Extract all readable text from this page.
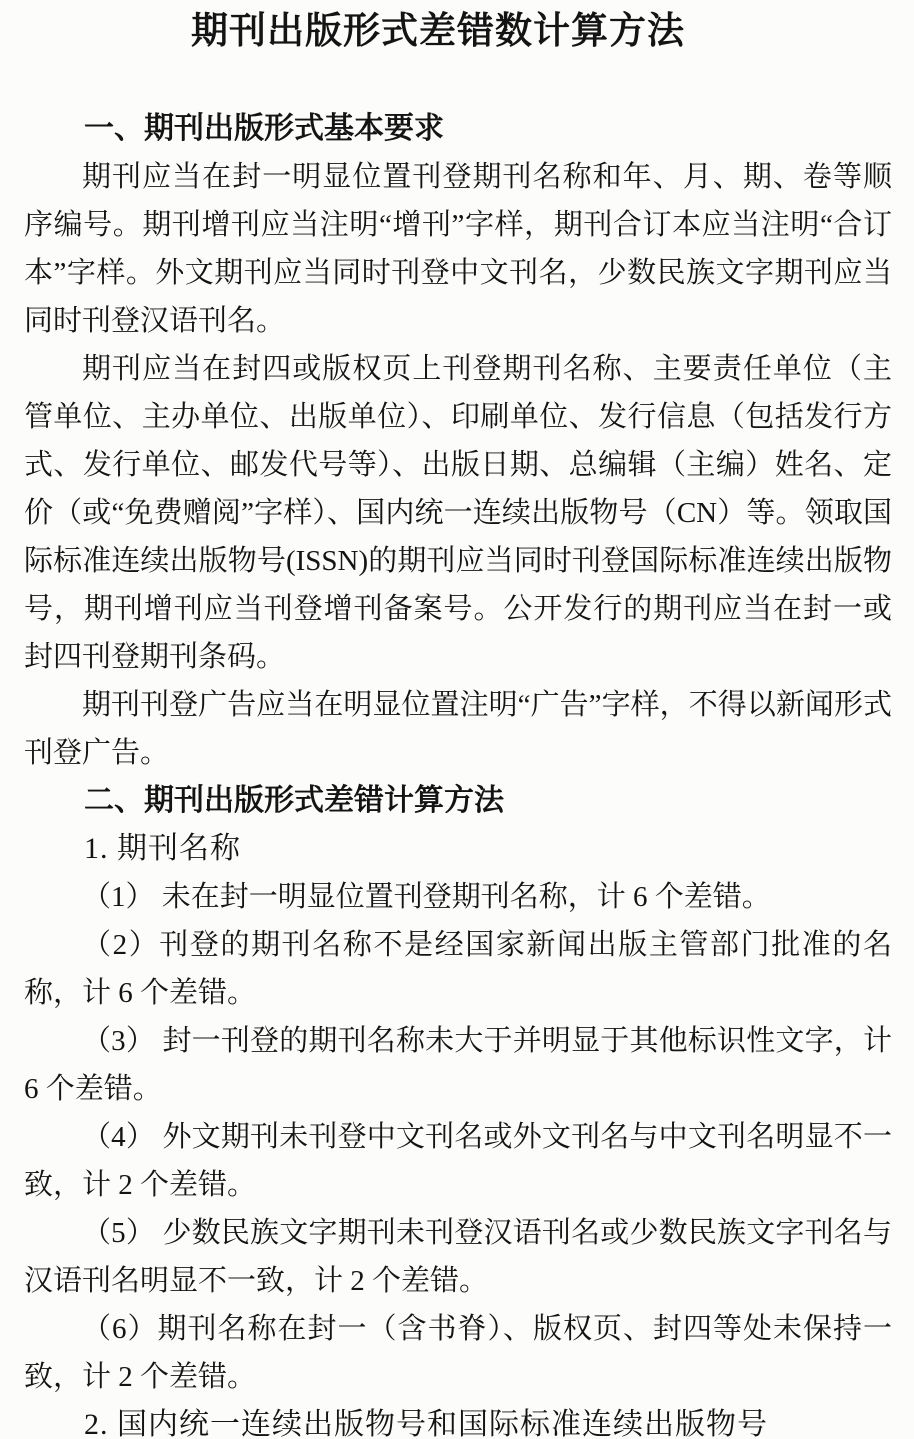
期刊出版形式差错数计算方法
一、期刊出版形式基本要求

期刊应当在封一明显位置刊登期刊名称和年、月、期、卷等顺序编号。期刊增刊应当注明“增刊”字样，期刊合订本应当注明“合订本”字样。外文期刊应当同时刊登中文刊名，少数民族文字期刊应当同时刊登汉语刊名。

期刊应当在封四或版权页上刊登期刊名称、主要责任单位（主管单位、主办单位、出版单位）、印刷单位、发行信息（包括发行方式、发行单位、邮发代号等）、出版日期、总编辑（主编）姓名、定价（或“免费赠阅”字样）、国内统一连续出版物号（CN）等。领取国际标准连续出版物号(ISSN)的期刊应当同时刊登国际标准连续出版物号，期刊增刊应当刊登增刊备案号。公开发行的期刊应当在封一或封四刊登期刊条码。

期刊刊登广告应当在明显位置注明“广告”字样，不得以新闻形式刊登广告。

二、期刊出版形式差错计算方法
1. 期刊名称

（1） 未在封一明显位置刊登期刊名称，计 6 个差错。

（2）刊登的期刊名称不是经国家新闻出版主管部门批准的名称，计 6 个差错。

（3） 封一刊登的期刊名称未大于并明显于其他标识性文字，计 6 个差错。

（4） 外文期刊未刊登中文刊名或外文刊名与中文刊名明显不一致，计 2 个差错。

（5） 少数民族文字期刊未刊登汉语刊名或少数民族文字刊名与汉语刊名明显不一致，计 2 个差错。

（6）期刊名称在封一（含书脊）、版权页、封四等处未保持一致，计 2 个差错。

2. 国内统一连续出版物号和国际标准连续出版物号
